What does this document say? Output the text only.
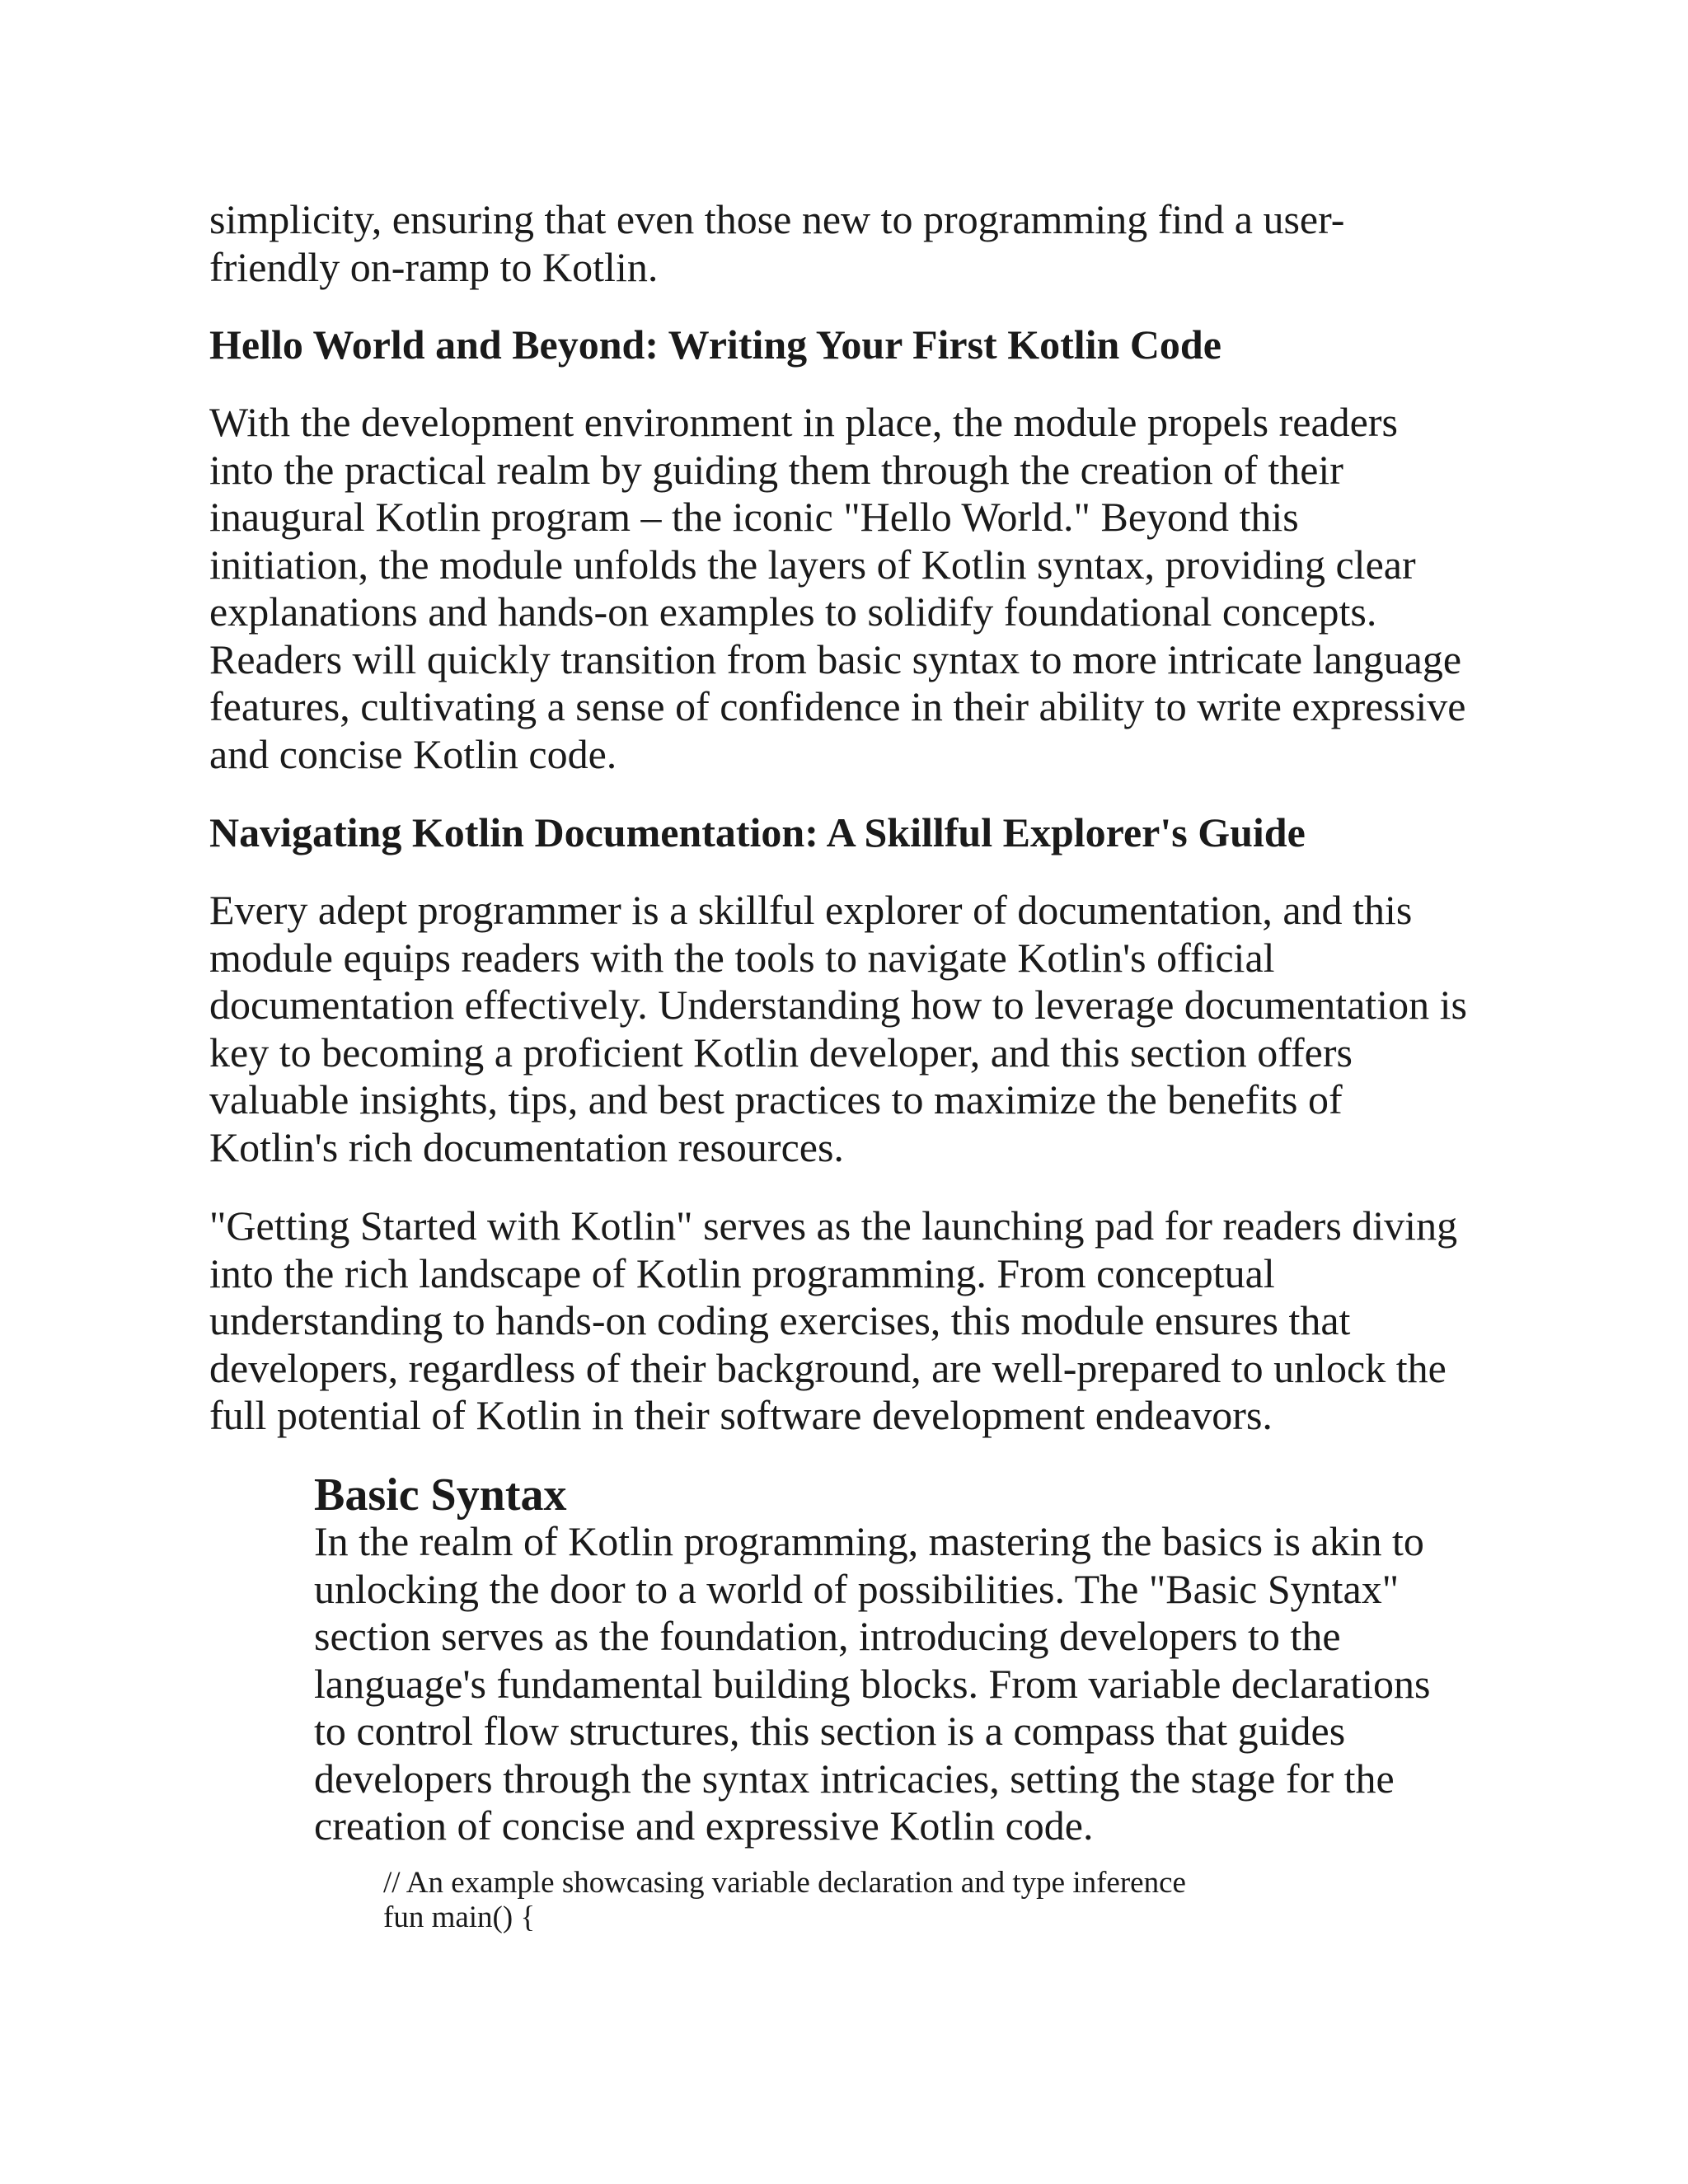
simplicity, ensuring that even those new to programming find a user-
friendly on-ramp to Kotlin.

Hello World and Beyond: Writing Your First Kotlin Code

With the development environment in place, the module propels readers
into the practical realm by guiding them through the creation of their
inaugural Kotlin program – the iconic "Hello World." Beyond this
initiation, the module unfolds the layers of Kotlin syntax, providing clear
explanations and hands-on examples to solidify foundational concepts.
Readers will quickly transition from basic syntax to more intricate language
features, cultivating a sense of confidence in their ability to write expressive
and concise Kotlin code.

Navigating Kotlin Documentation: A Skillful Explorer's Guide

Every adept programmer is a skillful explorer of documentation, and this
module equips readers with the tools to navigate Kotlin's official
documentation effectively. Understanding how to leverage documentation is
key to becoming a proficient Kotlin developer, and this section offers
valuable insights, tips, and best practices to maximize the benefits of
Kotlin's rich documentation resources.

"Getting Started with Kotlin" serves as the launching pad for readers diving
into the rich landscape of Kotlin programming. From conceptual
understanding to hands-on coding exercises, this module ensures that
developers, regardless of their background, are well-prepared to unlock the
full potential of Kotlin in their software development endeavors.

Basic Syntax

In the realm of Kotlin programming, mastering the basics is akin to
unlocking the door to a world of possibilities. The "Basic Syntax"
section serves as the foundation, introducing developers to the
language's fundamental building blocks. From variable declarations
to control flow structures, this section is a compass that guides
developers through the syntax intricacies, setting the stage for the
creation of concise and expressive Kotlin code.

// An example showcasing variable declaration and type inference
fun main() {
